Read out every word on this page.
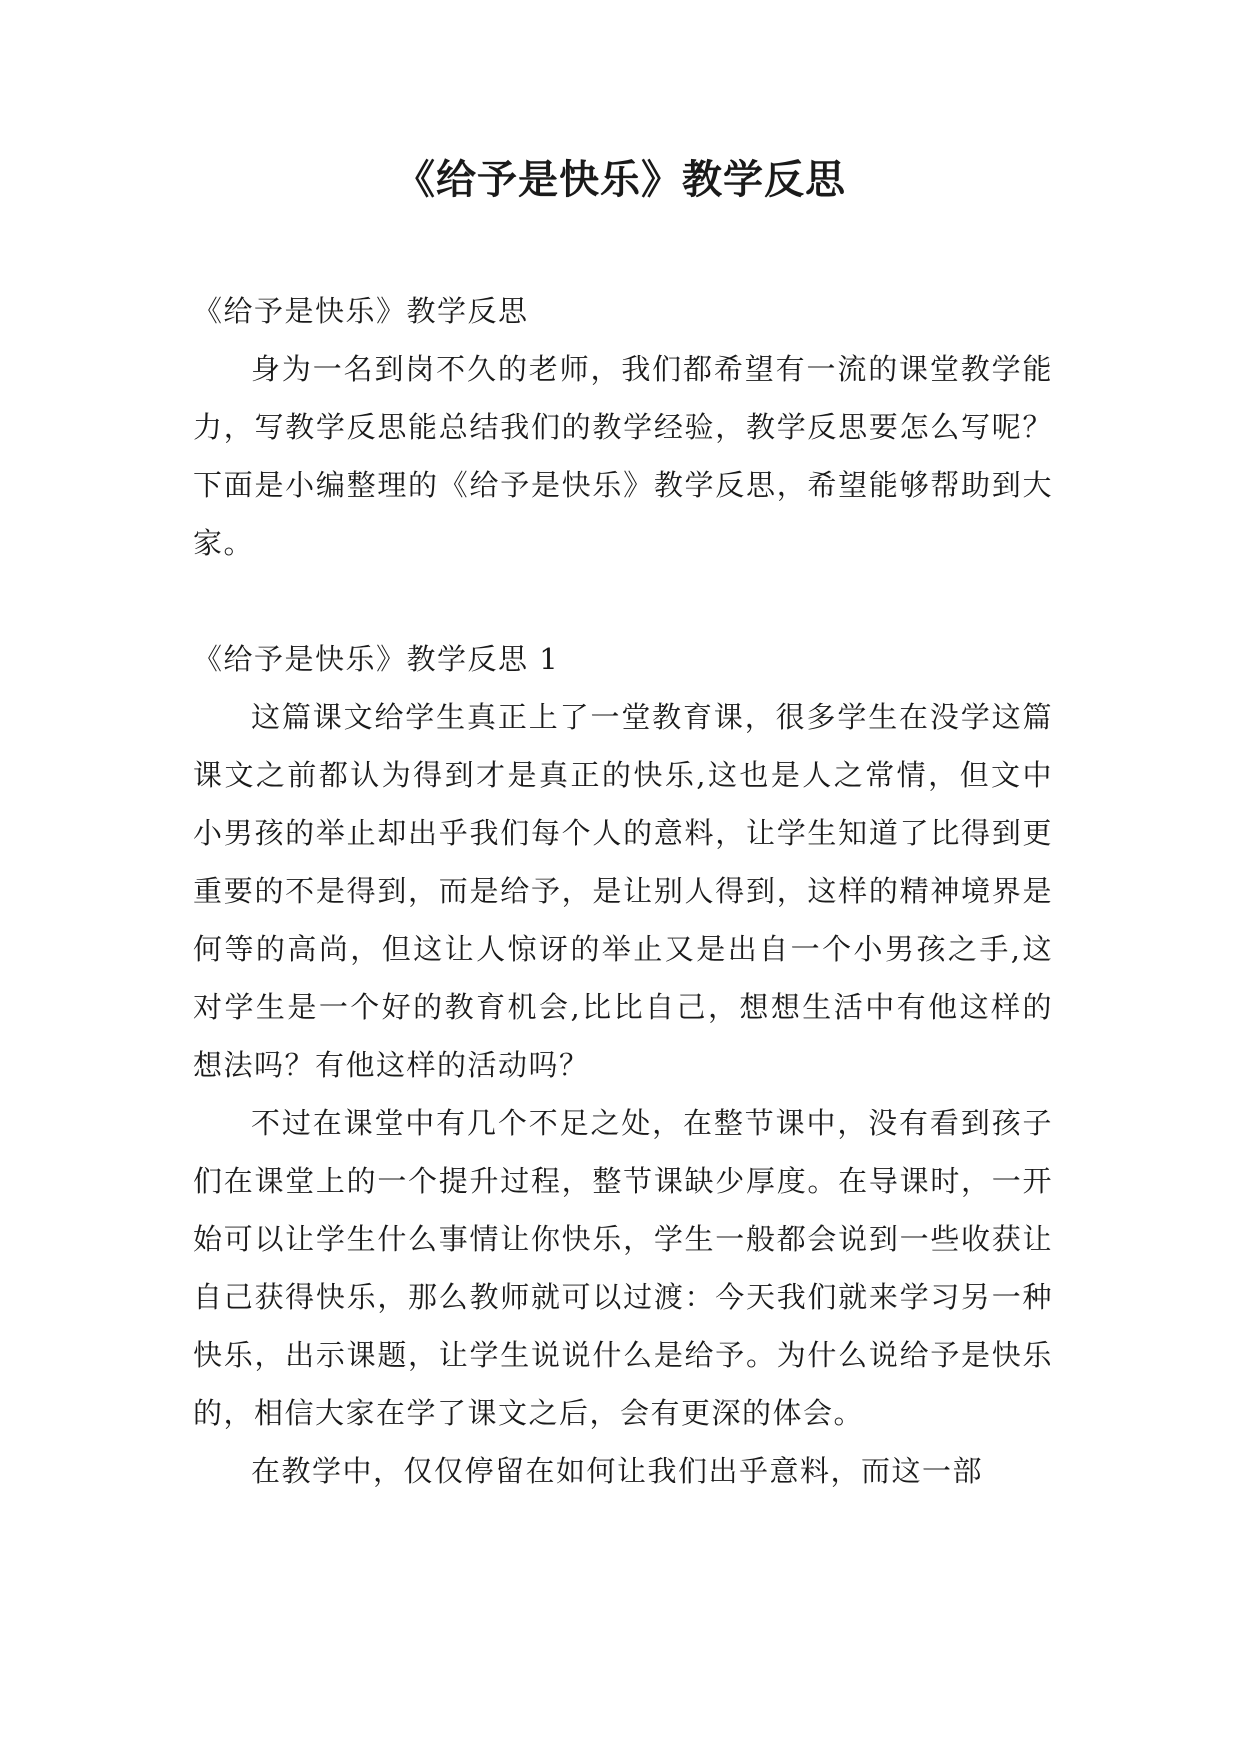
《给予是快乐》教学反思

《给予是快乐》教学反思

身为一名到岗不久的老师，我们都希望有一流的课堂教学能力，写教学反思能总结我们的教学经验，教学反思要怎么写呢？下面是小编整理的《给予是快乐》教学反思，希望能够帮助到大家。

《给予是快乐》教学反思 1

这篇课文给学生真正上了一堂教育课，很多学生在没学这篇课文之前都认为得到才是真正的快乐,这也是人之常情，但文中小男孩的举止却出乎我们每个人的意料，让学生知道了比得到更重要的不是得到，而是给予，是让别人得到，这样的精神境界是何等的高尚，但这让人惊讶的举止又是出自一个小男孩之手,这对学生是一个好的教育机会,比比自己，想想生活中有他这样的想法吗？有他这样的活动吗？

不过在课堂中有几个不足之处，在整节课中，没有看到孩子们在课堂上的一个提升过程，整节课缺少厚度。在导课时，一开始可以让学生什么事情让你快乐，学生一般都会说到一些收获让自己获得快乐，那么教师就可以过渡：今天我们就来学习另一种快乐，出示课题，让学生说说什么是给予。为什么说给予是快乐的，相信大家在学了课文之后，会有更深的体会。

在教学中，仅仅停留在如何让我们出乎意料，而这一部
